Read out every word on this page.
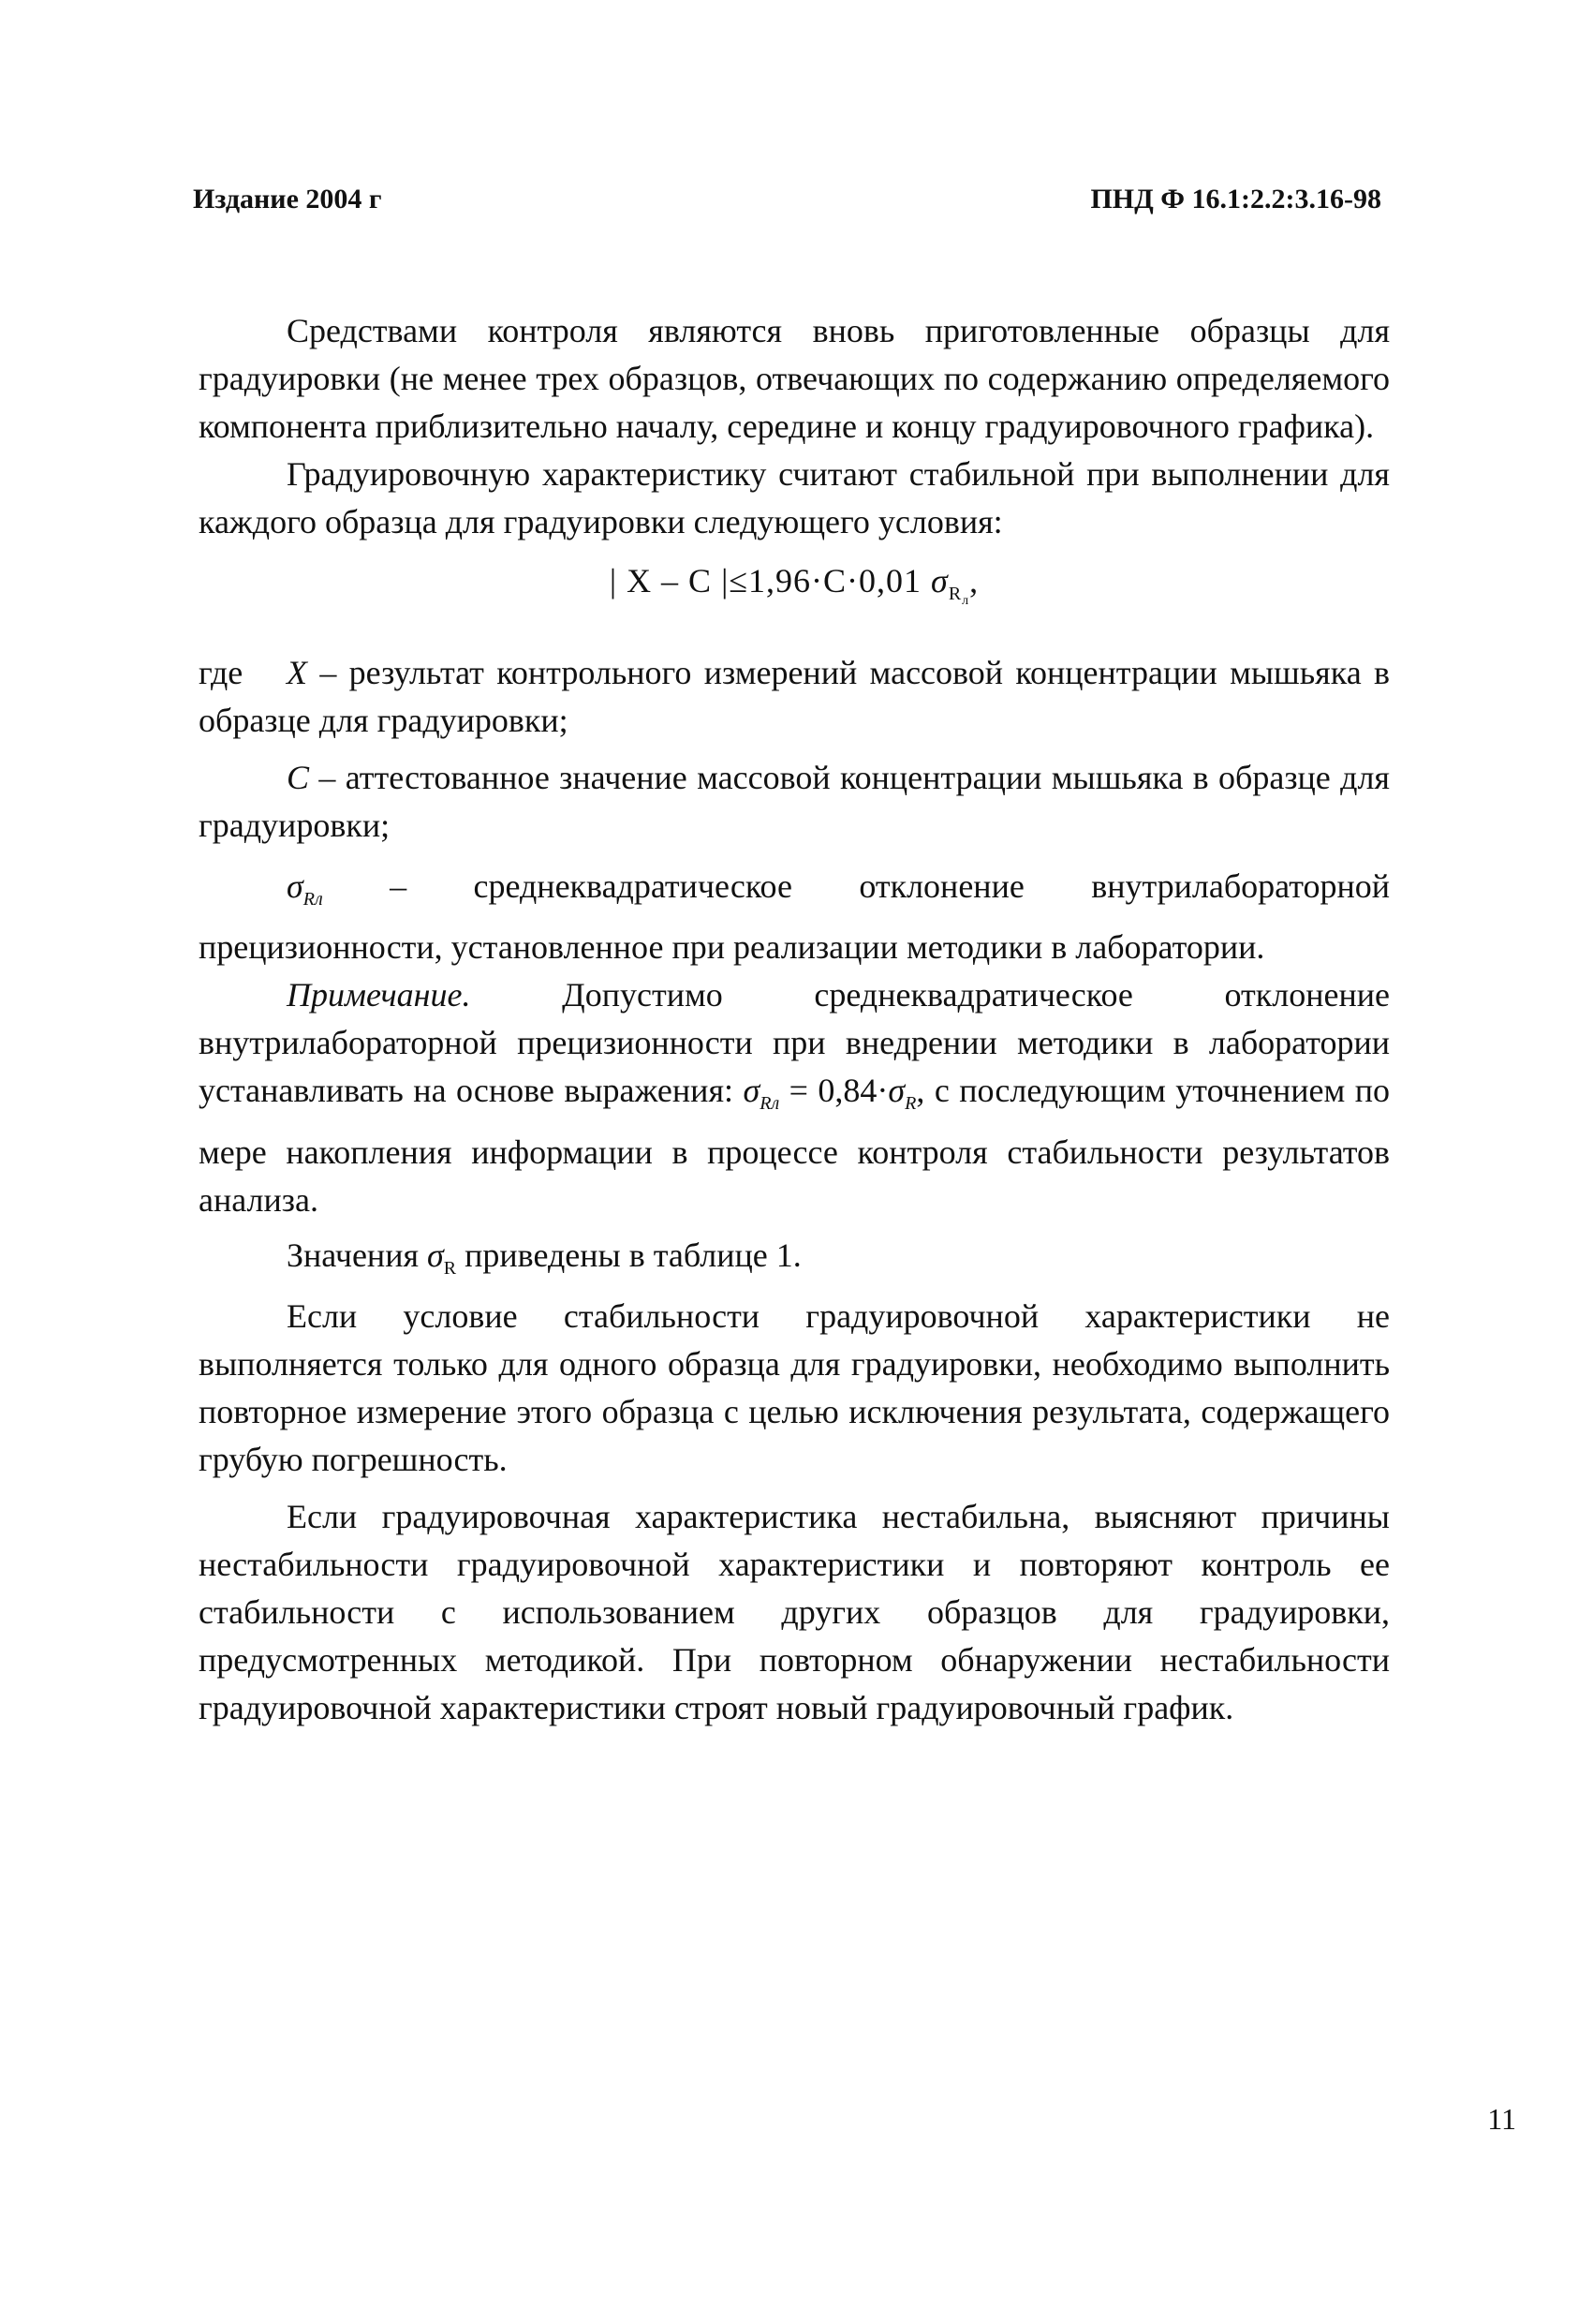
Издание 2004 г	ПНД Ф 16.1:2.2:3.16-98

Средствами контроля являются вновь приготовленные образцы для градуировки (не менее трех образцов, отвечающих по содержанию определяемого компонента приблизительно началу, середине и концу градуировочного графика).

Градуировочную характеристику считают стабильной при выполнении для каждого образца для градуировки следующего условия:

| X – C |≤1,96·C·0,01 $\sigma_{R_л}$,

где X – результат контрольного измерений массовой концентрации мышьяка в образце для градуировки;

C – аттестованное значение массовой концентрации мышьяка в образце для градуировки;

$\sigma_{Rл}$ – среднеквадратическое отклонение внутрилабораторной прецизионности, установленное при реализации методики в лаборатории.

Примечание.	Допустимо среднеквадратическое отклонение внутрилабораторной прецизионности при внедрении методики в лаборатории устанавливать на основе выражения: $\sigma_{Rл} = 0,84\cdot\sigma_R$, с последующим уточнением по мере накопления информации в процессе контроля стабильности результатов анализа.

Значения $\sigma_R$ приведены в таблице 1.

Если условие стабильности градуировочной характеристики не выполняется только для одного образца для градуировки, необходимо выполнить повторное измерение этого образца с целью исключения результата, содержащего грубую погрешность.

Если градуировочная характеристика нестабильна, выясняют причины нестабильности градуировочной характеристики и повторяют контроль ее стабильности с использованием других образцов для градуировки, предусмотренных методикой. При повторном обнаружении нестабильности градуировочной характеристики строят новый градуировочный график.

11
